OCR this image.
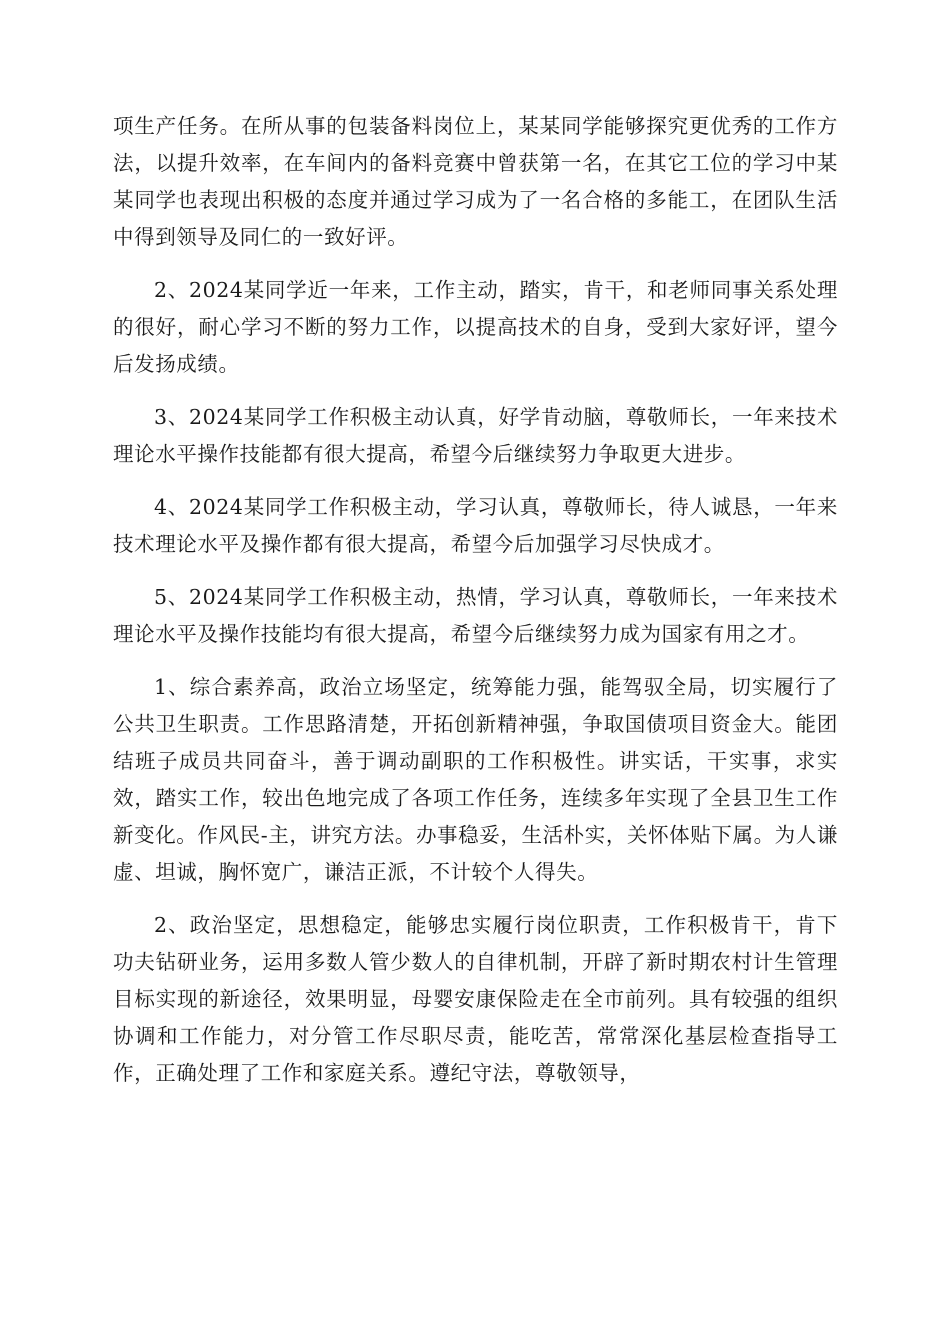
项生产任务。在所从事的包装备料岗位上，某某同学能够探究更优秀的工作方法，以提升效率，在车间内的备料竞赛中曾获第一名，在其它工位的学习中某某同学也表现出积极的态度并通过学习成为了一名合格的多能工，在团队生活中得到领导及同仁的一致好评。

2、2024某同学近一年来，工作主动，踏实，肯干，和老师同事关系处理的很好，耐心学习不断的努力工作，以提高技术的自身，受到大家好评，望今后发扬成绩。

3、2024某同学工作积极主动认真，好学肯动脑，尊敬师长，一年来技术理论水平操作技能都有很大提高，希望今后继续努力争取更大进步。

4、2024某同学工作积极主动，学习认真，尊敬师长，待人诚恳，一年来技术理论水平及操作都有很大提高，希望今后加强学习尽快成才。

5、2024某同学工作积极主动，热情，学习认真，尊敬师长，一年来技术理论水平及操作技能均有很大提高，希望今后继续努力成为国家有用之才。

1、综合素养高，政治立场坚定，统筹能力强，能驾驭全局，切实履行了公共卫生职责。工作思路清楚，开拓创新精神强，争取国债项目资金大。能团结班子成员共同奋斗，善于调动副职的工作积极性。讲实话，干实事，求实效，踏实工作，较出色地完成了各项工作任务，连续多年实现了全县卫生工作新变化。作风民-主，讲究方法。办事稳妥，生活朴实，关怀体贴下属。为人谦虚、坦诚，胸怀宽广，谦洁正派，不计较个人得失。

2、政治坚定，思想稳定，能够忠实履行岗位职责，工作积极肯干，肯下功夫钻研业务，运用多数人管少数人的自律机制，开辟了新时期农村计生管理目标实现的新途径，效果明显，母婴安康保险走在全市前列。具有较强的组织协调和工作能力，对分管工作尽职尽责，能吃苦，常常深化基层检查指导工作，正确处理了工作和家庭关系。遵纪守法，尊敬领导，
